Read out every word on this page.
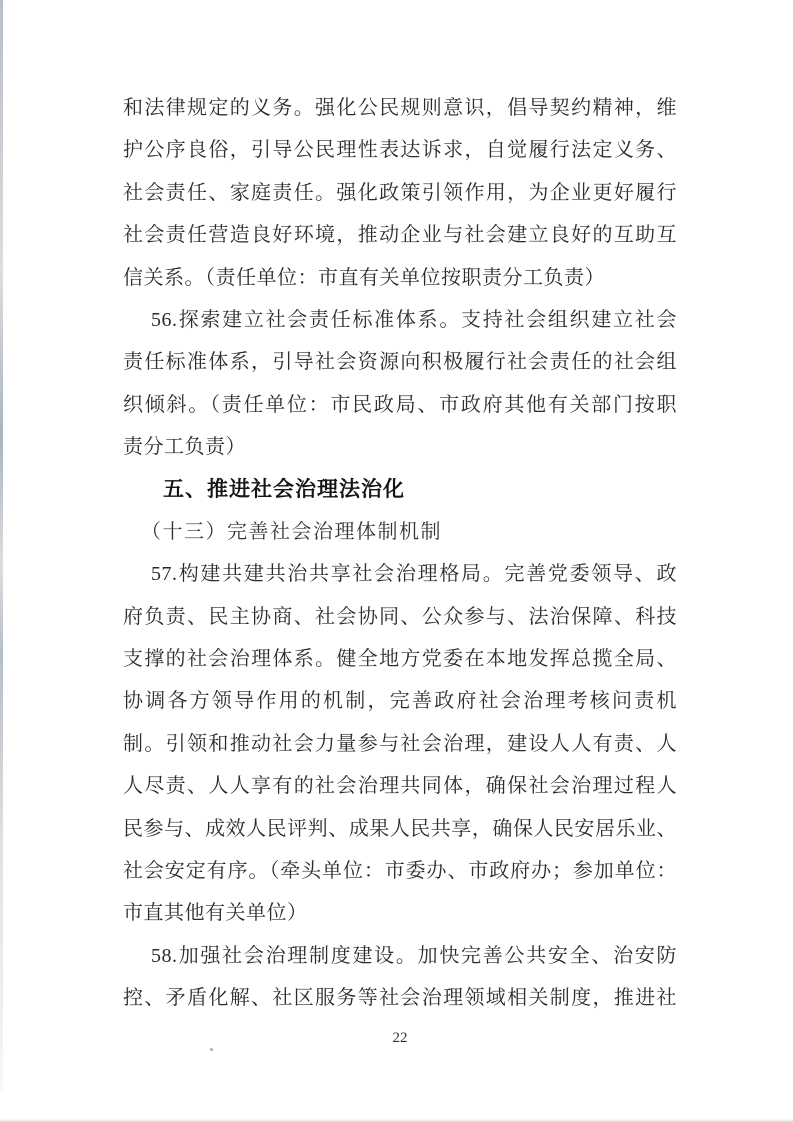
和法律规定的义务。强化公民规则意识，倡导契约精神，维
护公序良俗，引导公民理性表达诉求，自觉履行法定义务、
社会责任、家庭责任。强化政策引领作用，为企业更好履行
社会责任营造良好环境，推动企业与社会建立良好的互助互
信关系。（责任单位：市直有关单位按职责分工负责）
56.探索建立社会责任标准体系。支持社会组织建立社会
责任标准体系，引导社会资源向积极履行社会责任的社会组
织倾斜。（责任单位：市民政局、市政府其他有关部门按职
责分工负责）
五、推进社会治理法治化
（十三）完善社会治理体制机制
57.构建共建共治共享社会治理格局。完善党委领导、政
府负责、民主协商、社会协同、公众参与、法治保障、科技
支撑的社会治理体系。健全地方党委在本地发挥总揽全局、
协调各方领导作用的机制，完善政府社会治理考核问责机
制。引领和推动社会力量参与社会治理，建设人人有责、人
人尽责、人人享有的社会治理共同体，确保社会治理过程人
民参与、成效人民评判、成果人民共享，确保人民安居乐业、
社会安定有序。（牵头单位：市委办、市政府办；参加单位：
市直其他有关单位）
58.加强社会治理制度建设。加快完善公共安全、治安防
控、矛盾化解、社区服务等社会治理领域相关制度，推进社
22
